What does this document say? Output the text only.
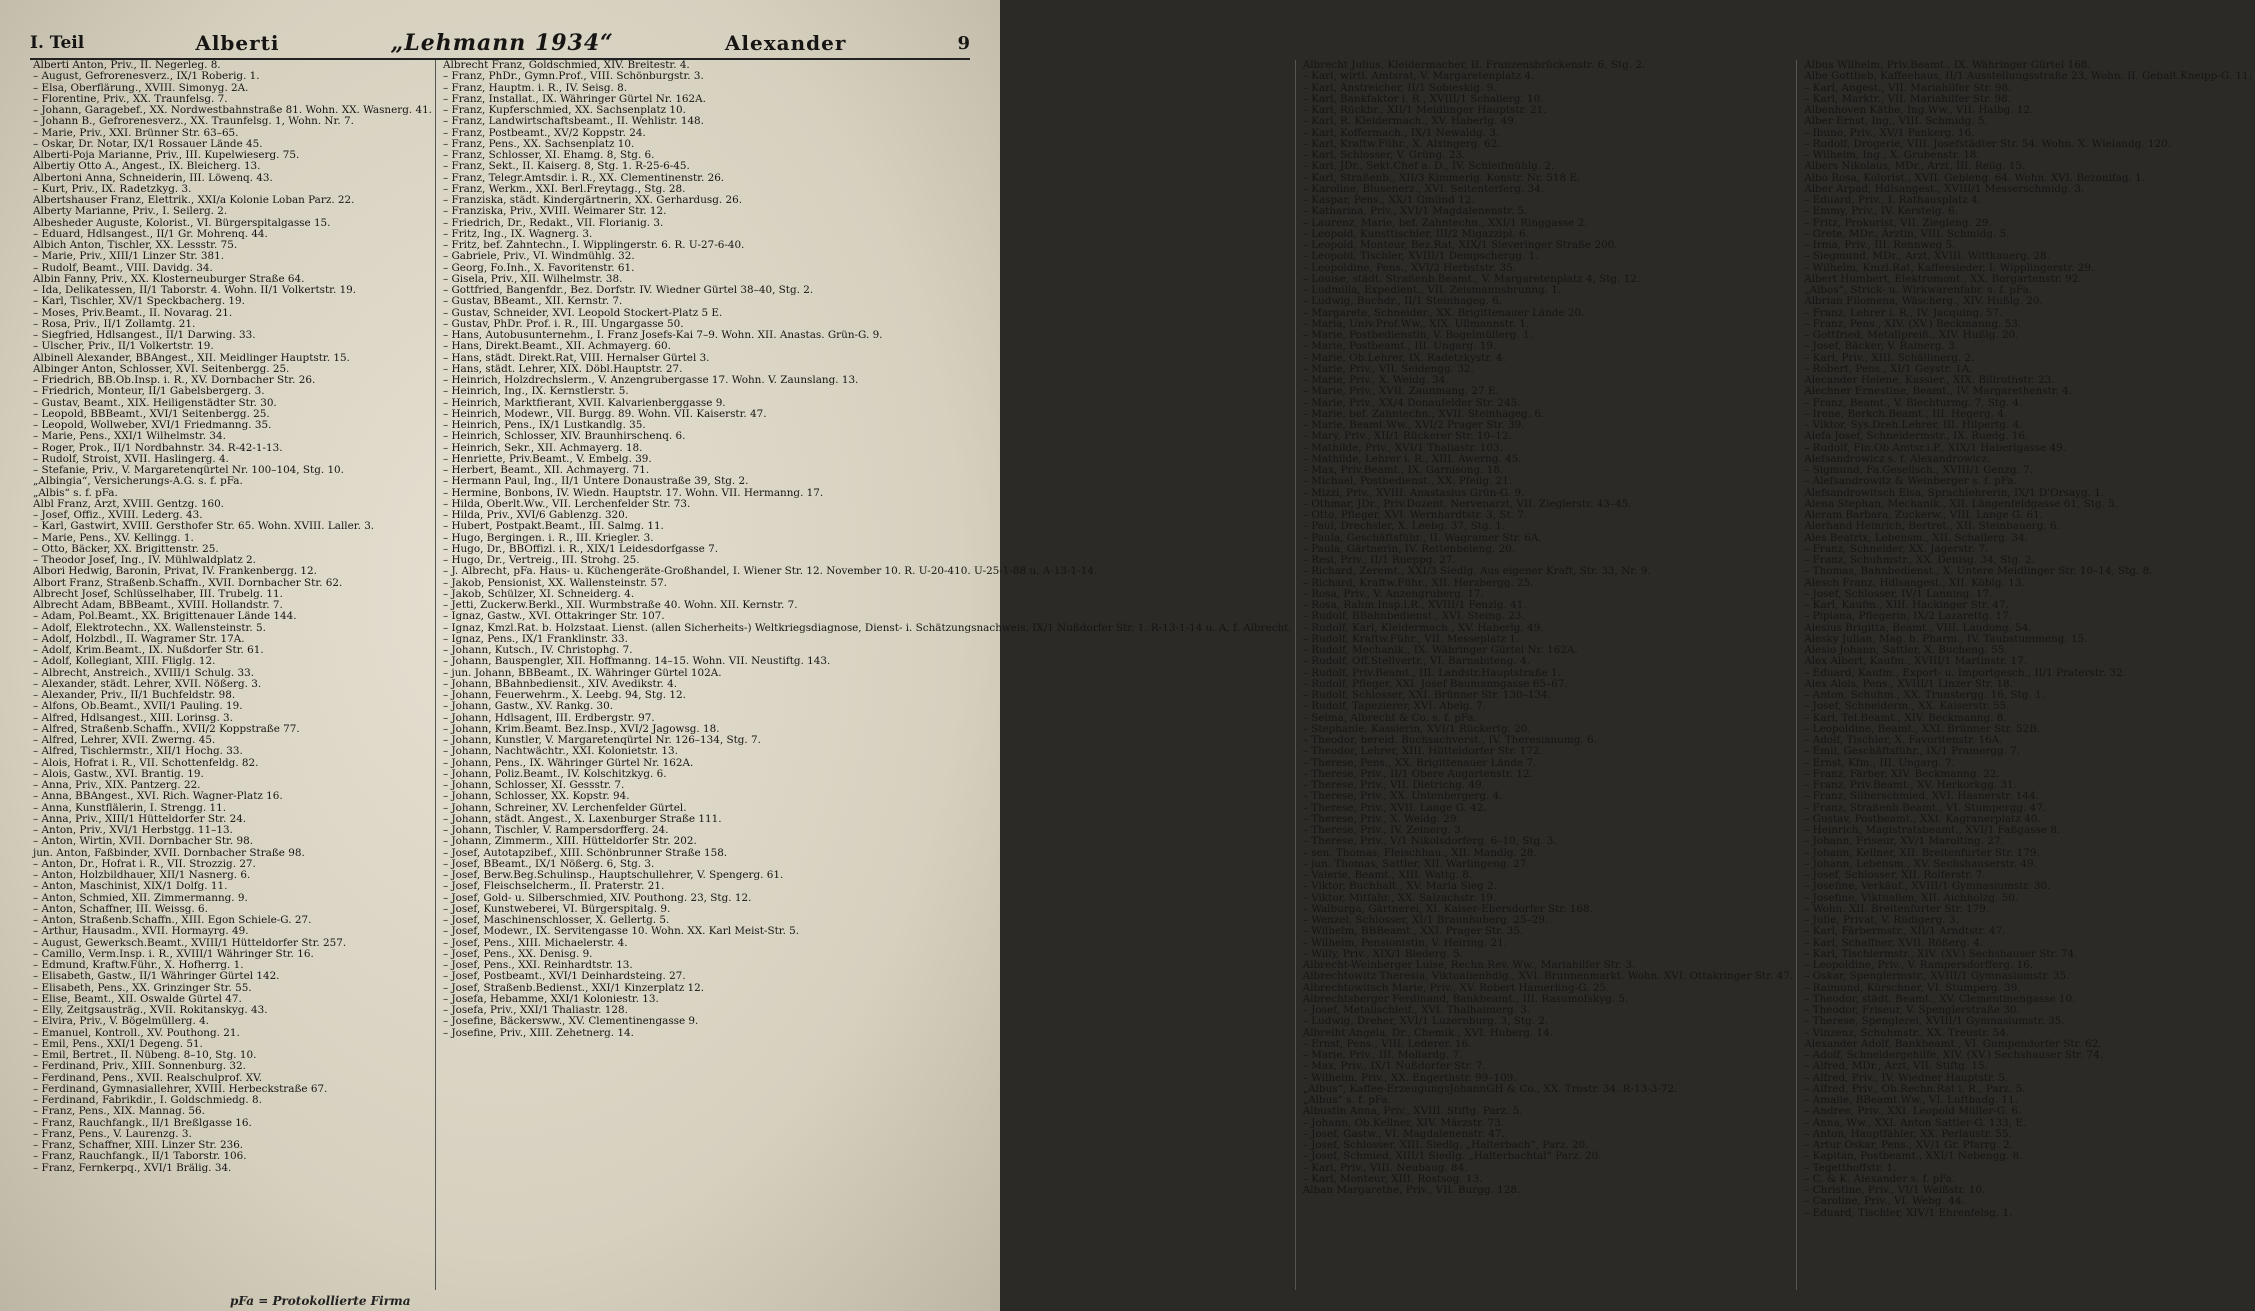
I. Teil	Alberti	„Lehmann 1934“	Alexander	9
Alberti Anton, Priv., II. Negerleg. 8.
– August, Gefrorenesverz., IX/1 Roberig. 1.
– Elsa, Oberflärung., XVIII. Simonyg. 2A.
– Florentine, Priv., XX. Traunfelsg. 7.
– Johann, Garagebef., XX. Nordwestbahnstraße 81. Wohn. XX. Wasnerg. 41.
– Johann B., Gefrorenesverz., XX. Traunfelsg. 1, Wohn. Nr. 7.
– Marie, Priv., XXI. Brünner Str. 63–65.
– Oskar, Dr. Notar, IX/1 Rossauer Lände 45.
Alberti-Poja Marianne, Priv., III. Kupelwieserg. 75.
Albertiy Otto A., Angest., IX. Bleicherg. 13.
Albertoni Anna, Schneiderin, III. Löwenq. 43.
– Kurt, Priv., IX. Radetzkyg. 3.
Albertshauser Franz, Elettrik., XXI/a Kolonie Loban Parz. 22.
Alberty Marianne, Priv., I. Seilerg. 2.
Albesheder Auguste, Kolorist., VI. Bürgerspitalgasse 15.
– Eduard, Hdlsangest., II/1 Gr. Mohrenq. 44.
Albich Anton, Tischler, XX. Lessstr. 75.
– Marie, Priv., XIII/1 Linzer Str. 381.
– Rudolf, Beamt., VIII. Davidg. 34.
Albin Fanny, Priv., XX. Klosterneuburger Straße 64.
– Ida, Delikatessen, II/1 Taborstr. 4. Wohn. II/1 Volkertstr. 19.
– Karl, Tischler, XV/1 Speckbacherg. 19.
– Moses, Priv.Beamt., II. Novarag. 21.
– Rosa, Priv., II/1 Zollamtg. 21.
– Siegfried, Hdlsangest., II/1 Darwing. 33.
– Ulscher, Priv., II/1 Volkertstr. 19.
Albinell Alexander, BBAngest., XII. Meidlinger Hauptstr. 15.
Albinger Anton, Schlosser, XVI. Seitenbergg. 25.
– Friedrich, BB.Ob.Insp. i. R., XV. Dornbacher Str. 26.
– Friedrich, Monteur, II/1 Gabelsbergerg. 3.
– Gustav, Beamt., XIX. Heiligenstädter Str. 30.
– Leopold, BBBeamt., XVI/1 Seitenbergg. 25.
– Leopold, Wollweber, XVI/1 Friedmanng. 35.
– Marie, Pens., XXI/1 Wilhelmstr. 34.
– Roger, Prok., II/1 Nordbahnstr. 34. R-42-1-13.
– Rudolf, Stroist, XVII. Haslingerg. 4.
– Stefanie, Priv., V. Margaretenqürtel Nr. 100–104, Stg. 10.
„Albingia“, Versicherungs-A.G. s. f. pFa.
„Albis“ s. f. pFa.
Albl Franz, Arzt, XVIII. Gentzg. 160.
– Josef, Offiz., XVIII. Lederg. 43.
– Karl, Gastwirt, XVIII. Gersthofer Str. 65. Wohn. XVIII. Laller. 3.
– Marie, Pens., XV. Kellingg. 1.
– Otto, Bäcker, XX. Brigittenstr. 25.
– Theodor Josef, Ing., IV. Mühlwaldplatz 2.
Albori Hedwig, Baronin, Privat, IV. Frankenbergg. 12.
Albort Franz, Straßenb.Schaffn., XVII. Dornbacher Str. 62.
Albrecht Josef, Schlüsselhaber, III. Trubelg. 11.
Albrecht Adam, BBBeamt., XVIII. Hollandstr. 7.
– Adam, Pol.Beamt., XX. Brigittenauer Lände 144.
– Adolf, Elektrotechn., XX. Wallensteinstr. 5.
– Adolf, Holzbdl., II. Wagramer Str. 17A.
– Adolf, Krim.Beamt., IX. Nußdorfer Str. 61.
– Adolf, Kollegiant, XIII. Fliglg. 12.
– Albrecht, Anstreich., XVIII/1 Schulg. 33.
– Alexander, städt. Lehrer, XVII. Nößerg. 3.
– Alexander, Priv., II/1 Buchfeldstr. 98.
– Alfons, Ob.Beamt., XVII/1 Pauling. 19.
– Alfred, Hdlsangest., XIII. Lorinsg. 3.
– Alfred, Straßenb.Schaffn., XVII/2 Koppstraße 77.
– Alfred, Lehrer, XVII. Zwerng. 45.
– Alfred, Tischlermstr., XII/1 Hochg. 33.
– Alois, Hofrat i. R., VII. Schottenfeldg. 82.
– Alois, Gastw., XVI. Brantig. 19.
– Anna, Priv., XIX. Pantzerg. 22.
– Anna, BBAngest., XVI. Rich. Wagner-Platz 16.
– Anna, Kunstflälerin, I. Strengg. 11.
– Anna, Priv., XIII/1 Hütteldorfer Str. 24.
– Anton, Priv., XVI/1 Herbstgg. 11–13.
– Anton, Wirtin, XVII. Dornbacher Str. 98.
jun. Anton, Faßbinder, XVII. Dornbacher Straße 98.
– Anton, Dr., Hofrat i. R., VII. Strozzig. 27.
– Anton, Holzbildhauer, XII/1 Nasnerg. 6.
– Anton, Maschinist, XIX/1 Dolfg. 11.
– Anton, Schmied, XII. Zimmermanng. 9.
– Anton, Schaffner, III. Weissg. 6.
– Anton, Straßenb.Schaffn., XIII. Egon Schiele-G. 27.
– Arthur, Hausadm., XVII. Hormayrg. 49.
– August, Gewerksch.Beamt., XVIII/1 Hütteldorfer Str. 257.
– Camillo, Verm.Insp. i. R., XVIII/1 Währinger Str. 16.
– Edmund, Kraftw.Führ., X. Hofherrg. 1.
– Elisabeth, Gastw., II/1 Währinger Gürtel 142.
– Elisabeth, Pens., XX. Grinzinger Str. 55.
– Elise, Beamt., XII. Oswalde Gürtel 47.
– Elly, Zeitgsausträg., XVII. Rokitanskyg. 43.
– Elvira, Priv., V. Bögelmüllerg. 4.
– Emanuel, Kontroll., XV. Pouthong. 21.
– Emil, Pens., XXI/1 Degeng. 51.
– Emil, Bertret., II. Nübeng. 8–10, Stg. 10.
– Ferdinand, Priv., XIII. Sonnenburg. 32.
– Ferdinand, Pens., XVII. Realschulprof. XV.
– Ferdinand, Gymnasiallehrer, XVIII. Herbeckstraße 67.
– Ferdinand, Fabrikdir., I. Goldschmiedg. 8.
– Franz, Pens., XIX. Mannag. 56.
– Franz, Rauchfangk., II/1 Breßlgasse 16.
– Franz, Pens., V. Laurenzg. 3.
– Franz, Schaffner, XIII. Linzer Str. 236.
– Franz, Rauchfangk., II/1 Taborstr. 106.
– Franz, Fernkerpq., XVI/1 Brälig. 34.
Albrecht Franz, Goldschmied, XIV. Breitestr. 4.
– Franz, PhDr., Gymn.Prof., VIII. Schönburgstr. 3.
– Franz, Hauptm. i. R., IV. Seisg. 8.
– Franz, Installat., IX. Währinger Gürtel Nr. 162A.
– Franz, Kupferschmied, XX. Sachsenplatz 10.
– Franz, Landwirtschaftsbeamt., II. Wehlistr. 148.
– Franz, Postbeamt., XV/2 Koppstr. 24.
– Franz, Pens., XX. Sachsenplatz 10.
– Franz, Schlosser, XI. Ehamg. 8, Stg. 6.
– Franz, Sekt., II. Kaiserg. 8, Stg. 1. R-25-6-45.
– Franz, Telegr.Amtsdir. i. R., XX. Clementinenstr. 26.
– Franz, Werkm., XXI. Berl.Freytagg., Stg. 28.
– Franziska, städt. Kindergärtnerin, XX. Gerhardusg. 26.
– Franziska, Priv., XVIII. Weimarer Str. 12.
– Friedrich, Dr., Redakt., VII. Florianig. 3.
– Fritz, Ing., IX. Wagnerg. 3.
– Fritz, bef. Zahntechn., I. Wipplingerstr. 6. R. U-27-6-40.
– Gabriele, Priv., VI. Windmühlg. 32.
– Georg, Fo.Inh., X. Favoritenstr. 61.
– Gisela, Priv., XII. Wilhelmstr. 38.
– Gottfried, Bangenfdr., Bez. Dorfstr. IV. Wiedner Gürtel 38–40, Stg. 2.
– Gustav, BBeamt., XII. Kernstr. 7.
– Gustav, Schneider, XVI. Leopold Stockert-Platz 5 E.
– Gustav, PhDr. Prof. i. R., III. Ungargasse 50.
– Hans, Autobusunternehm., I. Franz Josefs-Kai 7–9. Wohn. XII. Anastas. Grün-G. 9.
– Hans, Direkt.Beamt., XII. Achmayerg. 60.
– Hans, städt. Direkt.Rat, VIII. Hernalser Gürtel 3.
– Hans, städt. Lehrer, XIX. Döbl.Hauptstr. 27.
– Heinrich, Holzdrechslerm., V. Anzengrubergasse 17. Wohn. V. Zaunslang. 13.
– Heinrich, Ing., IX. Kernstlerstr. 5.
– Heinrich, Marktfierant, XVII. Kalvarienberggasse 9.
– Heinrich, Modewr., VII. Burgg. 89. Wohn. VII. Kaiserstr. 47.
– Heinrich, Pens., IX/1 Lustkandlg. 35.
– Heinrich, Schlosser, XIV. Braunhirschenq. 6.
– Heinrich, Sekr., XII. Achmayerg. 18.
– Henriette, Priv.Beamt., V. Embelg. 39.
– Herbert, Beamt., XII. Achmayerg. 71.
– Hermann Paul, Ing., II/1 Untere Donaustraße 39, Stg. 2.
– Hermine, Bonbons, IV. Wiedn. Hauptstr. 17. Wohn. VII. Hermanng. 17.
– Hilda, Oberlt.Ww., VII. Lerchenfelder Str. 73.
– Hilda, Priv., XVI/6 Gablenzg. 320.
– Hubert, Postpakt.Beamt., III. Salmg. 11.
– Hugo, Bergingen. i. R., III. Kriegler. 3.
– Hugo, Dr., BBOffizl. i. R., XIX/1 Leidesdorfgasse 7.
– Hugo, Dr., Vertreig., III. Strohg. 25.
– J. Albrecht, pFa. Haus- u. Küchengeräte-Großhandel, I. Wiener Str. 12. November 10. R. U-20-410. U-25-1-88 u. A-13-1-14.
– Jakob, Pensionist, XX. Wallensteinstr. 57.
– Jakob, Schülzer, XI. Schneiderg. 4.
– Jetti, Zuckerw.Berkl., XII. Wurmbstraße 40. Wohn. XII. Kernstr. 7.
– Ignaz, Gastw., XVI. Ottakringer Str. 107.
– Ignaz, Kmzl.Rat. b. Holzstaat. Lienst. (allen Sicherheits-) Weltkriegsdiagnose, Dienst- i. Schätzungsnachweis, IX/1 Nußdorfer Str. 1. R-13-1-14 u. A, f. Albrecht.
– Ignaz, Pens., IX/1 Franklinstr. 33.
– Johann, Kutsch., IV. Christophg. 7.
– Johann, Bauspengler, XII. Hoffmanng. 14–15. Wohn. VII. Neustiftg. 143.
– jun. Johann, BBBeamt., IX. Währinger Gürtel 102A.
– Johann, BBahnbediensit., XIV. Avedikstr. 4.
– Johann, Feuerwehrm., X. Leebg. 94, Stg. 12.
– Johann, Gastw., XV. Rankg. 30.
– Johann, Hdlsagent, III. Erdbergstr. 97.
– Johann, Krim.Beamt. Bez.Insp., XVI/2 Jagowsg. 18.
– Johann, Kunstler, V. Margaretenqürtel Nr. 126–134, Stg. 7.
– Johann, Nachtwächtr., XXI. Kolonietstr. 13.
– Johann, Pens., IX. Währinger Gürtel Nr. 162A.
– Johann, Poliz.Beamt., IV. Kolschitzkyg. 6.
– Johann, Schlosser, XI. Gessstr. 7.
– Johann, Schlosser, XX. Kopstr. 94.
– Johann, Schreiner, XV. Lerchenfelder Gürtel.
– Johann, städt. Angest., X. Laxenburger Straße 111.
– Johann, Tischler, V. Rampersdorfferg. 24.
– Johann, Zimmerm., XIII. Hütteldorfer Str. 202.
– Josef, Autotapzibef., XIII. Schönbrunner Straße 158.
– Josef, BBeamt., IX/1 Nößerg. 6, Stg. 3.
– Josef, Berw.Beg.Schulinsp., Hauptschullehrer, V. Spengerg. 61.
– Josef, Fleischselcherm., II. Praterstr. 21.
– Josef, Gold- u. Silberschmied, XIV. Pouthong. 23, Stg. 12.
– Josef, Kunstweberei, VI. Bürgerspitalg. 9.
– Josef, Maschinenschlosser, X. Gellertg. 5.
– Josef, Modewr., IX. Servitengasse 10. Wohn. XX. Karl Meist-Str. 5.
– Josef, Pens., XIII. Michaelerstr. 4.
– Josef, Pens., XX. Denisg. 9.
– Josef, Pens., XXI. Reinhardtstr. 13.
– Josef, Postbeamt., XVI/1 Deinhardsteing. 27.
– Josef, Straßenb.Bedienst., XXI/1 Kinzerplatz 12.
– Josefa, Hebamme, XXI/1 Koloniestr. 13.
– Josefa, Priv., XXI/1 Thaliastr. 128.
– Josefine, Bäckersww., XV. Clementinengasse 9.
– Josefine, Priv., XIII. Zehetnerg. 14.
Albrecht Julius, Kleidermacher, II. Franzensbrückenstr. 6, Stg. 2.
– Karl, wirtl. Amtsrat, V. Margaretenplatz 4.
– Karl, Anstreicher, II/1 Sobieskig. 9.
– Karl, Bankfaktor i. R., XVIII/1 Schallerg. 10.
– Karl, Rückbr., XII/1 Meidlinger Hauptstr. 21.
– Karl, R. Kleidermach., XV. Haberlg. 49.
– Karl, Koffermach., IX/1 Newaldg. 3.
– Karl, Kraftw.Führ., X. Alxingerg. 62.
– Karl, Schlosser, V. Grüng. 23.
– Karl, JDr., Sekt.Chef a. D., IV. Schleifmühlg. 2.
– Karl, Straßenb., XII/3 Kimmerig. Konstr. Nr. 518 E.
– Karoline, Blusenerz., XVI. Seitenterferg. 34.
– Kaspar, Pens., XX/1 Gmünd 12.
– Katharina, Priv., XVI/1 Magdalenenstr. 5.
– Laurenz, Marie, bef. Zahntechn., XXI/1 Ringgasse 2.
– Leopold, Kunsttischler, III/2 Migazzipl. 6.
– Leopold, Monteur, Bez.Rat, XIX/1 Sieveringer Straße 200.
– Leopold, Tischler, XVIII/1 Dempschergg. 1.
– Leopoldine, Pens., XVI/2 Herbststr. 35.
– Louise, städt. Straßenb.Beamt., V. Margaretenplatz 4, Stg. 12.
– Ludmilla, Expedient., VII. Zeismannsbrunng. 1.
– Ludwig, Buchdr., II/1 Steinhageg. 6.
– Margarete, Schneider., XX. Brigittenauer Lände 20.
– Maria, Univ.Prof.Ww., XIX. Ullmannstr. 1.
– Marie, Postbedienstin, V. Bogelmüllerg. 1.
– Marie, Postbeamt., III. Ungarg. 19.
– Marie, Ob.Lehrer, IX. Radetzkystr. 4.
– Marie, Priv., VII. Seidengg. 32.
– Marie, Priv., X. Weidg. 34.
– Marie, Priv., XVII. Zaunmang. 27 E.
– Marie, Priv., XX/4 Donaufelder Str. 245.
– Marie, bef. Zahntechn., XVII. Steinhageg. 6.
– Marie, Beamt.Ww., XVI/2 Prager Str. 39.
– Mary, Priv., XII/1 Rückerer Str. 10–12.
– Mathilde, Priv., XVI/1 Thaliastr. 103.
– Mathilde, Lehrer i. R., XIII. Awerng. 45.
– Max, Priv.Beamt., IX. Garnisong. 18.
– Michael, Postbedienst., XX. Pfeilg. 21.
– Mizzi, Priv., XVIII. Anastasius Grün-G. 9.
– Othmar, JDr., Priv.Dozent, Nervenarzt, VII. Zieglerstr. 43–45.
– Otto, Pfleger, XVI. Wernhardtstr. 3, St. 7.
– Paul, Drechsler, X. Leebg. 37, Stg. 1.
– Paula, Geschäftsführ., II. Wagramer Str. 6A.
– Paula, Gärtnerin, IV. Rettenbeleng. 20.
– Resi, Priv., II/1 Rueppg. 27.
– Richard, Zeremt., XXI/3 Siedlg. Aus eigener Kraft, Str. 33, Nr. 9.
– Richard, Kraftw.Führ., XII. Herzbergg. 25.
– Rosa, Priv., V. Anzengruberg. 17.
– Rosa, Rahm.Insp.i.R., XVIII/1 Fenzlg. 41.
– Rudolf, BBahnbedienst., XVI. Steing. 23.
– Rudolf, Karl, Kleidermach., XV. Haberlg. 49.
– Rudolf, Kraftw.Führ., VII. Messeplatz 1.
– Rudolf, Mechanik., IX. Währinger Gürtel Nr. 162A.
– Rudolf, Off.Stellvertr., VI. Barnabiteng. 4.
– Rudolf, Priv.Beamt., III. Landstr.Hauptstraße 1.
– Rudolf, Pfleger, XXI. Josef Baumanngasse 65–67.
– Rudolf, Schlosser, XXI. Brünner Str. 130–134.
– Rudolf, Tapezierer, XVI. Abelg. 7.
– Selma, Albrecht & Co. s. f. pFa.
– Stephanie, Kassierin, XVI/1 Rückertg. 20.
– Theodor, bereid. Buchsachverst., IV. Theresianumg. 6.
– Theodor, Lehrer, XIII. Hütteldorfer Str. 172.
– Therese, Pens., XX. Brigittenauer Lände 7.
– Therese, Priv., II/1 Obere Augartenstr. 12.
– Therese, Priv., VII. Dietrichg. 49.
– Therese, Priv., XX. Untenbergerg. 4.
– Therese, Priv., XVII. Lange G. 42.
– Therese, Priv., X. Weidg. 29.
– Therese, Priv., IV. Zeinerg. 3.
– Therese, Priv., V/1 Nikolsdorferg. 6–10, Stg. 3.
– sen. Thomas, Fleischhau., XII. Mandlg. 28.
– jun. Thomas, Sattler, XII. Warlingeng. 27.
– Valerie, Beamt., XIII. Wattg. 8.
– Viktor, Buchhalt., XV. Maria Sieg 2.
– Viktor, Mitfahr., XX. Salzachstr. 19.
– Walburga, Gärtnerei, XI. Kaiser-Ebersdorfer Str. 168.
– Wenzel, Schlosser, XI/1 Braunhuberg. 25–29.
– Wilhelm, BBBeamt., XXI. Prager Str. 35.
– Wilhelm, Pensionistin, V. Heiring. 21.
– Willy, Priv., XIX/1 Blederg. 5.
Albrecht-Weinberger Luise, Rechn.Rev. Ww., Mariahilfer Str. 3.
Albrechtowitz Theresia, Viktualienhdlg., XVI. Brunnenmarkt. Wohn. XVI. Ottakringer Str. 47.
Albrechtowitsch Marie, Priv., XV. Robert Hamerling-G. 25.
Albrechtsberger Ferdinand, Bankbeamt., III. Rasumofskyg. 5.
– Josef, Metallschleif., XVI. Thalhaimerg. 3.
– Ludwig, Dreher, XVI/1 Luzernburg. 3, Stg. 2.
Albreiht Angela, Dr., Chemik., XVI. Huberg. 14.
– Ernst, Pens., VIII. Lederer. 16.
– Marie, Priv., III. Mollardg. 7.
– Max, Priv., IX/1 Nußdorfer Str. 7.
– Wilhelm, Priv., XX. Engerthstr. 99–109.
„Albus“, Kaffee-ErzeugungsJohannGH & Co., XX. Trostr. 34. R-13-3-72.
„Albus“ s. f. pFa.
Albustin Anna, Priv., XVIII. Stiftg. Parz. 5.
– Johann, Ob.Kellner, XIV. Märzstr. 73.
– Josef, Gastw., VI. Magdalenenstr. 47.
– Josef, Schlosser, XIII. Siedlg. „Halterbach“, Parz. 20.
– Josef, Schmied, XIII/1 Siedlg. „Halterbachtal“ Parz. 20.
– Karl, Priv., VIII. Neubaug. 84.
– Karl, Monteur, XIII. Rostsog. 13.
Alban Margarethe, Priv., VII. Burgg. 128.
Albus Wilhelm, Priv.Beamt., IX. Währinger Gürtel 168.
Albe Gottlieb, Kaffeehaus, II/1 Ausstellungsstraße 23, Wohn. II. Gebalt.Kneipp-G. 11.
– Karl, Angest., VII. Mariahilfer Str. 98.
– Karl, Marktr., VII. Mariahilfer Str. 98.
Albenhoven Käthe, Ing.Ww., VII. Halbg. 12.
Alber Ernst, Ing., VIII. Schmidg. 5.
– Ibuno, Priv., XV/1 Pankerg. 16.
– Rudolf, Drogerie, VIII. Josefstädter Str. 54. Wohn. X. Wielandg. 120.
– Wilhelm, Ing., X. Grubenstr. 18.
Albers Nikolaus, MDr., Arzt, III. Reilg. 15.
Albo Rosa, Kolorist., XVII. Gebleng. 64. Wohn. XVI. Bezonifag. 1.
Alber Arpad, Hdlsangest., XVIII/1 Messerschmidg. 3.
– Eduard, Priv., I. Rathausplatz 4.
– Emmy, Priv., IV. Kerstelg. 6.
– Fritz, Prokurist, VII. Ziegleng. 29.
– Grete, MDr., Ärztin, VIII. Schmidg. 5.
– Irma, Priv., III. Rennweg 5.
– Siegmund, MDr., Arzt, XVIII. Wittkauerg. 28.
– Wilhelm, Kmzl.Rat, Kaffeesieder, I. Wipplingerstr. 29.
Albert Humbert, Elektromont., XX. Borgartenstr. 92.
„Albos“, Strick- u. Wirkwarenfabr. s. f. pFa.
Albrian Filomena, Wäscherg., XIV. Hußlg. 20.
– Franz, Lehrer i. R., IV. Jacquing. 57.
– Franz, Pens., XIV. (XV.) Beckmanng. 53.
– Gottfried, Metallpreiß., XIV. Hußlg. 20.
– Josef, Bäcker, V. Rainerg. 3.
– Karl, Priv., XIII. Schällinerg. 2.
– Robert, Pens., XI/1 Geystr. 1A.
Alecander Helene, Kassier., XIX. Billrothstr. 23.
Alechner Ernestine, Beamt., IV. Margarethenstr. 4.
– Franz, Beamt., V. Blechturmg. 7, Stg. 4.
– Irene, Berkch.Beamt., III. Hegerg. 4.
– Viktor, Sys.Dreh.Lehrer, III. Hilpertg. 4.
Alefa Josef, Schneidermstr., IX. Ruedg. 16.
– Rudolf, Fin.Ob.Amtsr.i.P., XIX/1 Haberlgasse 49.
Alefsandrowicz s. f. Alexandrowicz.
– Sigmund, Fa.Gesellsch., XVIII/1 Genzg. 7.
– Alefsandrowitz & Weinberger s. f. pFa.
Alefsandrowitsch Elsa, Sprachlehrerin, IX/1 D'Orsayg. 1.
Alena Stephan, Mechanik., XII. Längenfeldgasse 61, Stg. 5.
Aleram Barbara, Zuckerw., VIII. Lange G. 61.
Alerhand Heinrich, Bertret., XII. Steinbauerg. 6.
Ales Beatrix, Lebensm., XII. Schallerg. 34.
– Franz, Schneider, XX. Jagerstr. 7.
– Franz, Schuhmstr., XX. Denisg. 34, Stg. 2.
– Thomas, Bahnbedienst., X. Untere Meidlinger Str. 10–14, Stg. 8.
Alesch Franz, Hdlsangest., XII. Köblg. 13.
– Josef, Schlosser, IV/1 Lanning. 17.
– Karl, Kaufm., XIII. Hackinger Str. 47.
– Pipiana, Pflegerin, IX/2 Lazarettg. 17.
Alesius Brigitta, Beamt., VIII. Laudong. 54.
Alesky Julian, Mag. b. Pharm., IV. Taubstummeng. 15.
Alesio Johann, Sattler, X. Bucheng. 55.
Alex Albert, Kaufm., XVIII/1 Martinstr. 17.
– Eduard, Kaufm., Export- u. Importgesch., II/1 Praterstr. 32.
Alex Alois, Pens., XVIII/1 Linzer Str. 18.
– Anton, Schuhm., XX. Trunstergg. 16, Stg. 1.
– Josef, Schneiderm., XX. Kaiserstr. 55.
– Karl, Tel.Beamt., XIV. Beckmanng. 8.
– Leopoldine, Beamt., XXI. Brünner Str. 52B.
– Adolf, Tischler, X. Favoritenstr. 16A.
– Emil, Geschäftsführ., IX/1 Pramergg. 7.
– Ernst, Kfm., III. Ungarg. 7.
– Franz, Färber, XIV. Beckmanng. 22.
– Franz, Priv.Beamt., XV. Herkorkgg. 31.
– Franz, Silberschmied, XVI. Hasnerstr. 144.
– Franz, Straßenb.Beamt., VI. Stumpergg. 47.
– Gustav, Postbeamt., XXI. Kagranerplatz 40.
– Heinrich, Magistratsbeamt., XVI/1 Faßgasse 8.
– Johann, Friseur, XV/1 Marolting. 27.
– Johann, Kellner, XII. Breitenfurter Str. 179.
– Johann, Lebensm., XV. Sechshauserstr. 49.
– Josef, Schlosser, XII. Rolferstr. 7.
– Josefine, Verkäuf., XVIII/1 Gymnasiumstr. 30.
– Josefine, Viktualien, XII. Aichholzg. 50.
– Wohn. XII. Breitenfurter Str. 179.
– Julie, Privat, V. Rüdigerg. 3.
– Karl, Färbermstr., XII/1 Arndtstr. 47.
– Karl, Schaffner, XVII. Rößerg. 4.
– Karl, Tischlermstr., XIV. (XV.) Sechshauser Str. 74.
– Leopoldine, Priv., V. Rampersdorfferg. 16.
– Oskar, Spenglermstr., XVIII/1 Gymnasiumstr. 35.
– Raimund, Kürschner, VI. Stumperg. 39.
– Theodor, städt. Beamt., XV. Clementinengasse 10.
– Theodor, Friseur, V. Spenglerstraße 30.
– Therese, Spenglerei, XVIII/1 Gymnasiumstr. 35.
– Vinzenz, Schuhmstr., XX. Treustr. 54.
Alexander Adolf, Bankbeamt., VI. Gumpendorfer Str. 62.
– Adolf, Schneidergehilfe, XIV. (XV.) Sechshauser Str. 74.
– Alfred, MDr., Arzt, VII. Stiftg. 15.
– Alfred, Priv., IV. Wiedner Hauptstr. 5.
– Alfred, Priv., Ob.Rechn.Rat i. R., Parz. 5.
– Amalie, BBeamt.Ww., VI. Luftbadg. 11.
– Andree, Priv., XXI. Leopold Müller-G. 6.
– Anna, Ww., XXI. Anton Sattler-G. 133, E.
– Anton, Hauptfähler, XX. Perlaustr. 55.
– Artur Oskar, Pens., XV/1 Gr. Pfarrg. 2.
– Kapitan, Postbeamt., XXI/1 Nebengg. 8.
– Tegetthoffstr. 1.
– C. & K. Alexander s. f. pFa.
– Christine, Priv., VI/1 Weißstr. 10.
– Caroline, Priv., VI. Webg. 44.
– Eduard, Tischler, XIV/1 Ehrenfelsg. 1.
pFa = Protokollierte Firma
